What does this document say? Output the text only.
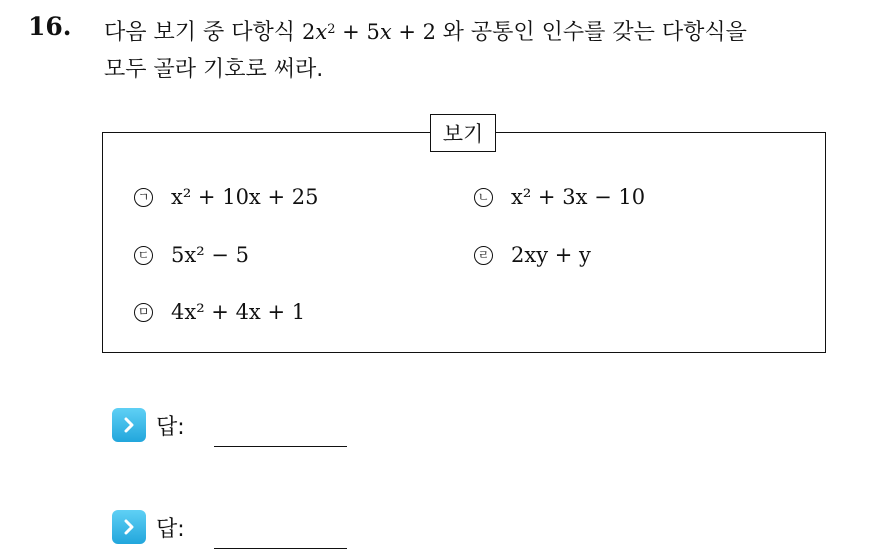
16. 다음 보기 중 다항식 $2x^2 + 5x + 2$ 와 공통인 인수를 갖는 다항식을
모두 골라 기호로 써라.
보기
ㄱ x² + 10x + 25	ㄴ x² + 3x − 10
ㄷ 5x² − 5	ㄹ 2xy + y
ㅁ 4x² + 4x + 1
답:
답:
